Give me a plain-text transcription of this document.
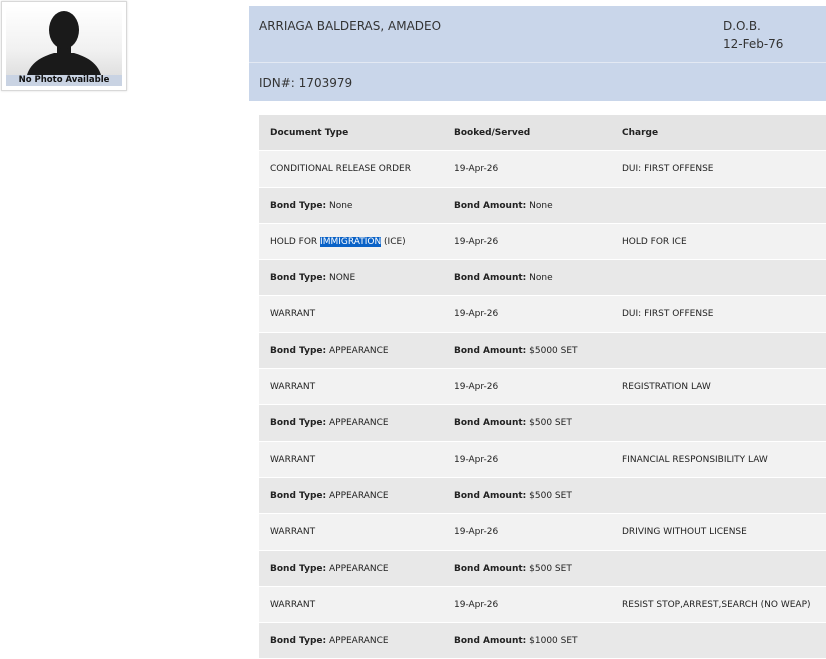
No Photo Available
ARRIAGA BALDERAS, AMADEO	D.O.B.
12-Feb-76
IDN#: 1703979
Document Type	Booked/Served	Charge
CONDITIONAL RELEASE ORDER	19-Apr-26	DUI: FIRST OFFENSE
Bond Type: None	Bond Amount: None
HOLD FOR IMMIGRATION (ICE)	19-Apr-26	HOLD FOR ICE
Bond Type: NONE	Bond Amount: None
WARRANT	19-Apr-26	DUI: FIRST OFFENSE
Bond Type: APPEARANCE	Bond Amount: $5000 SET
WARRANT	19-Apr-26	REGISTRATION LAW
Bond Type: APPEARANCE	Bond Amount: $500 SET
WARRANT	19-Apr-26	FINANCIAL RESPONSIBILITY LAW
Bond Type: APPEARANCE	Bond Amount: $500 SET
WARRANT	19-Apr-26	DRIVING WITHOUT LICENSE
Bond Type: APPEARANCE	Bond Amount: $500 SET
WARRANT	19-Apr-26	RESIST STOP,ARREST,SEARCH (NO WEAP)
Bond Type: APPEARANCE	Bond Amount: $1000 SET
